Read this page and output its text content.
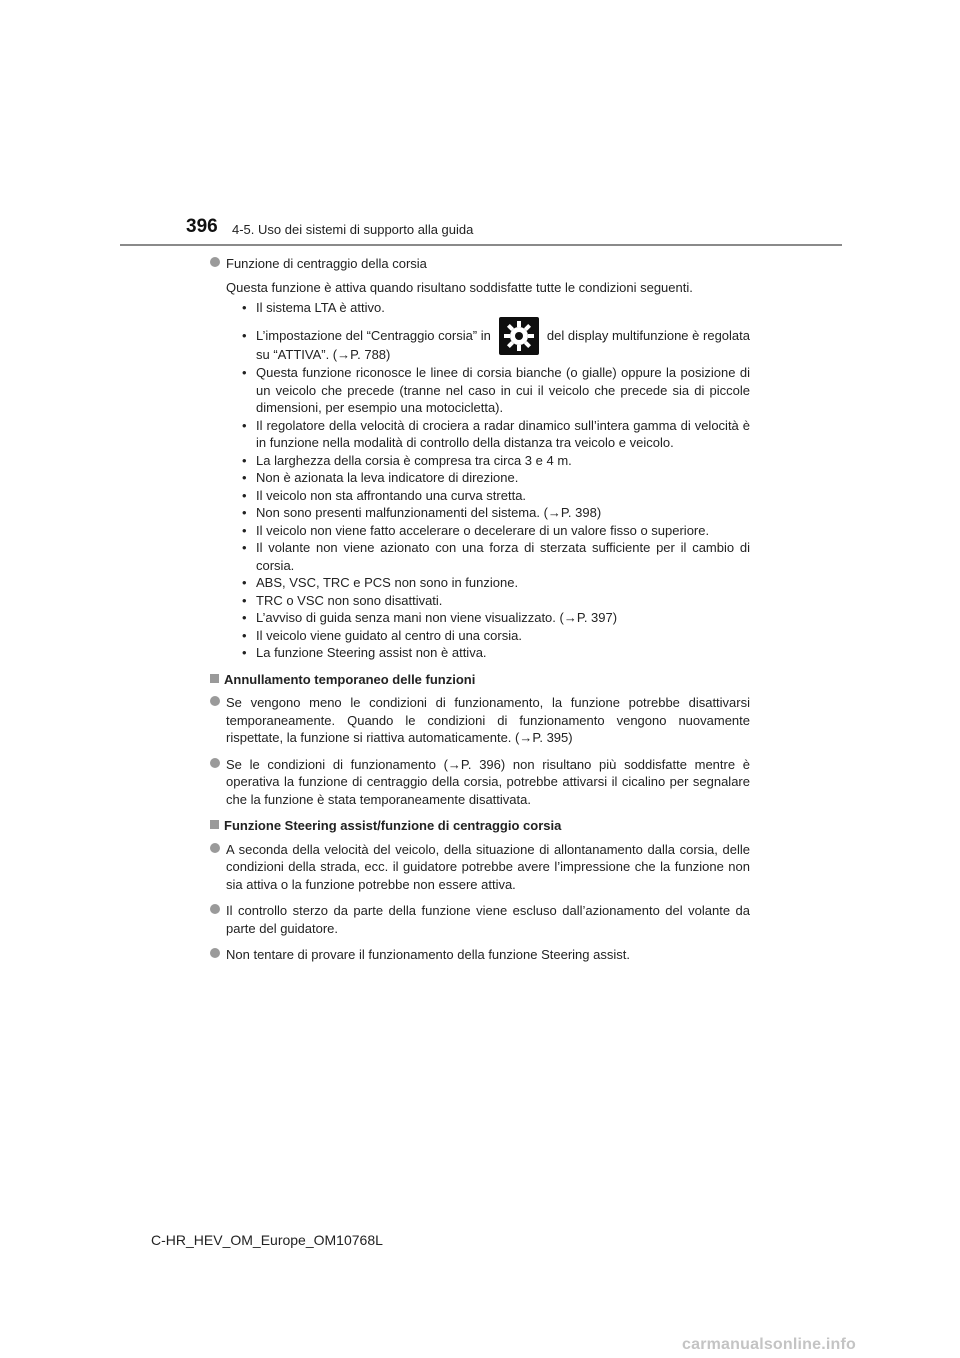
396 4-5. Uso dei sistemi di supporto alla guida
Funzione di centraggio della corsia
Questa funzione è attiva quando risultano soddisfatte tutte le condizioni seguenti.
• Il sistema LTA è attivo.
• L’impostazione del “Centraggio corsia” in	del display multifunzione è regolata su “ATTIVA”. (→P. 788)
• Questa funzione riconosce le linee di corsia bianche (o gialle) oppure la posizione di un veicolo che precede (tranne nel caso in cui il veicolo che precede sia di piccole dimensioni, per esempio una motocicletta).
• Il regolatore della velocità di crociera a radar dinamico sull’intera gamma di velocità è in funzione nella modalità di controllo della distanza tra veicolo e veicolo.
• La larghezza della corsia è compresa tra circa 3 e 4 m.
• Non è azionata la leva indicatore di direzione.
• Il veicolo non sta affrontando una curva stretta.
• Non sono presenti malfunzionamenti del sistema. (→P. 398)
• Il veicolo non viene fatto accelerare o decelerare di un valore fisso o superiore.
• Il volante non viene azionato con una forza di sterzata sufficiente per il cambio di corsia.
• ABS, VSC, TRC e PCS non sono in funzione.
• TRC o VSC non sono disattivati.
• L’avviso di guida senza mani non viene visualizzato. (→P. 397)
• Il veicolo viene guidato al centro di una corsia.
• La funzione Steering assist non è attiva.
Annullamento temporaneo delle funzioni
Se vengono meno le condizioni di funzionamento, la funzione potrebbe disattivarsi temporaneamente. Quando le condizioni di funzionamento vengono nuovamente rispettate, la funzione si riattiva automaticamente. (→P. 395)
Se le condizioni di funzionamento (→P. 396) non risultano più soddisfatte mentre è operativa la funzione di centraggio della corsia, potrebbe attivarsi il cicalino per segnalare che la funzione è stata temporaneamente disattivata.
Funzione Steering assist/funzione di centraggio corsia
A seconda della velocità del veicolo, della situazione di allontanamento dalla corsia, delle condizioni della strada, ecc. il guidatore potrebbe avere l’impressione che la funzione non sia attiva o la funzione potrebbe non essere attiva.
Il controllo sterzo da parte della funzione viene escluso dall’azionamento del volante da parte del guidatore.
Non tentare di provare il funzionamento della funzione Steering assist.
C-HR_HEV_OM_Europe_OM10768L
carmanualsonline.info
